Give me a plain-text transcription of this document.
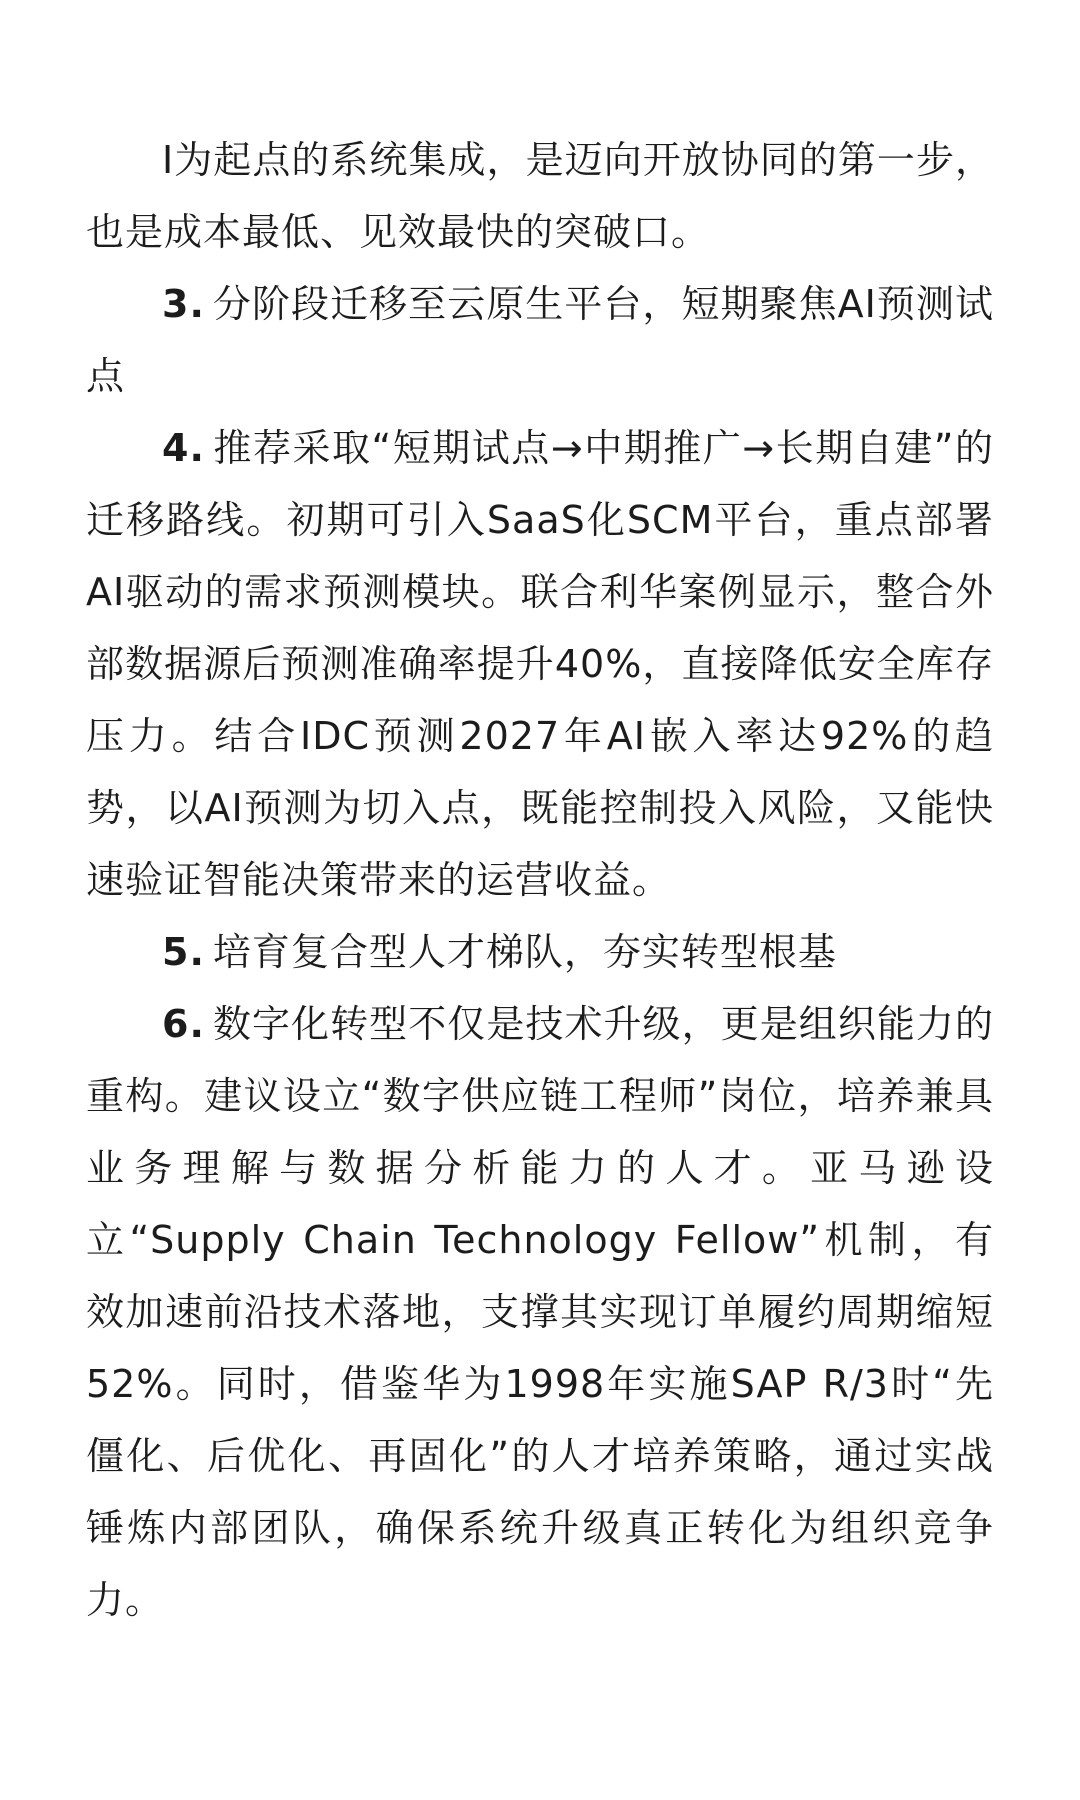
I为起点的系统集成，是迈向开放协同的第一步，也是成本最低、见效最快的突破口。

3. 分阶段迁移至云原生平台，短期聚焦AI预测试点

4. 推荐采取“短期试点→中期推广→长期自建”的迁移路线。初期可引入SaaS化SCM平台，重点部署AI驱动的需求预测模块。联合利华案例显示，整合外部数据源后预测准确率提升40%，直接降低安全库存压力。结合IDC预测2027年AI嵌入率达92%的趋势，以AI预测为切入点，既能控制投入风险，又能快速验证智能决策带来的运营收益。

5. 培育复合型人才梯队，夯实转型根基

6. 数字化转型不仅是技术升级，更是组织能力的重构。建议设立“数字供应链工程师”岗位，培养兼具业务理解与数据分析能力的人才。亚马逊设立“Supply Chain Technology Fellow”机制，有效加速前沿技术落地，支撑其实现订单履约周期缩短52%。同时，借鉴华为1998年实施SAP R/3时“先僵化、后优化、再固化”的人才培养策略，通过实战锤炼内部团队，确保系统升级真正转化为组织竞争力。
